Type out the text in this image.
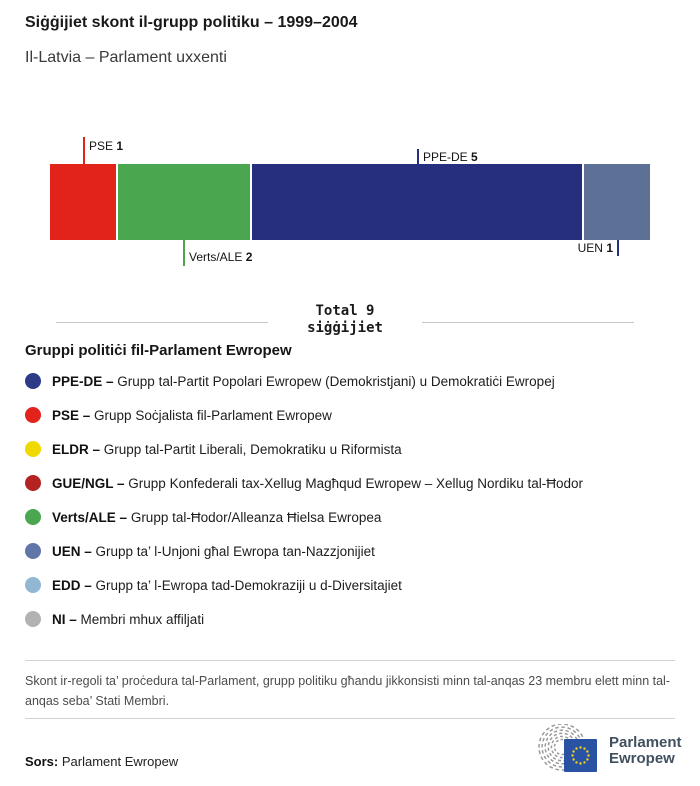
Siġġijiet skont il-grupp politiku – 1999–2004
Il-Latvia – Parlament uxxenti
PSE 1
PPE-DE 5
Verts/ALE 2
UEN 1
Total 9
siġġijiet
Gruppi politiċi fil-Parlament Ewropew
PPE-DE – Grupp tal-Partit Popolari Ewropew (Demokristjani) u Demokratiċi Ewropej
PSE – Grupp Soċjalista fil-Parlament Ewropew
ELDR – Grupp tal-Partit Liberali, Demokratiku u Riformista
GUE/NGL – Grupp Konfederali tax-Xellug Magħqud Ewropew – Xellug Nordiku tal-Ħodor
Verts/ALE – Grupp tal-Ħodor/Alleanza Ħielsa Ewropea
UEN – Grupp ta’ l-Unjoni għal Ewropa tan-Nazzjonijiet
EDD – Grupp ta’ l-Ewropa tad-Demokraziji u d-Diversitajiet
NI – Membri mhux affiljati
Skont ir-regoli ta’ proċedura tal-Parlament, grupp politiku għandu jikkonsisti minn tal-anqas 23 membru elett minn tal-anqas seba’ Stati Membri.
Sors: Parlament Ewropew
Parlament
Ewropew
